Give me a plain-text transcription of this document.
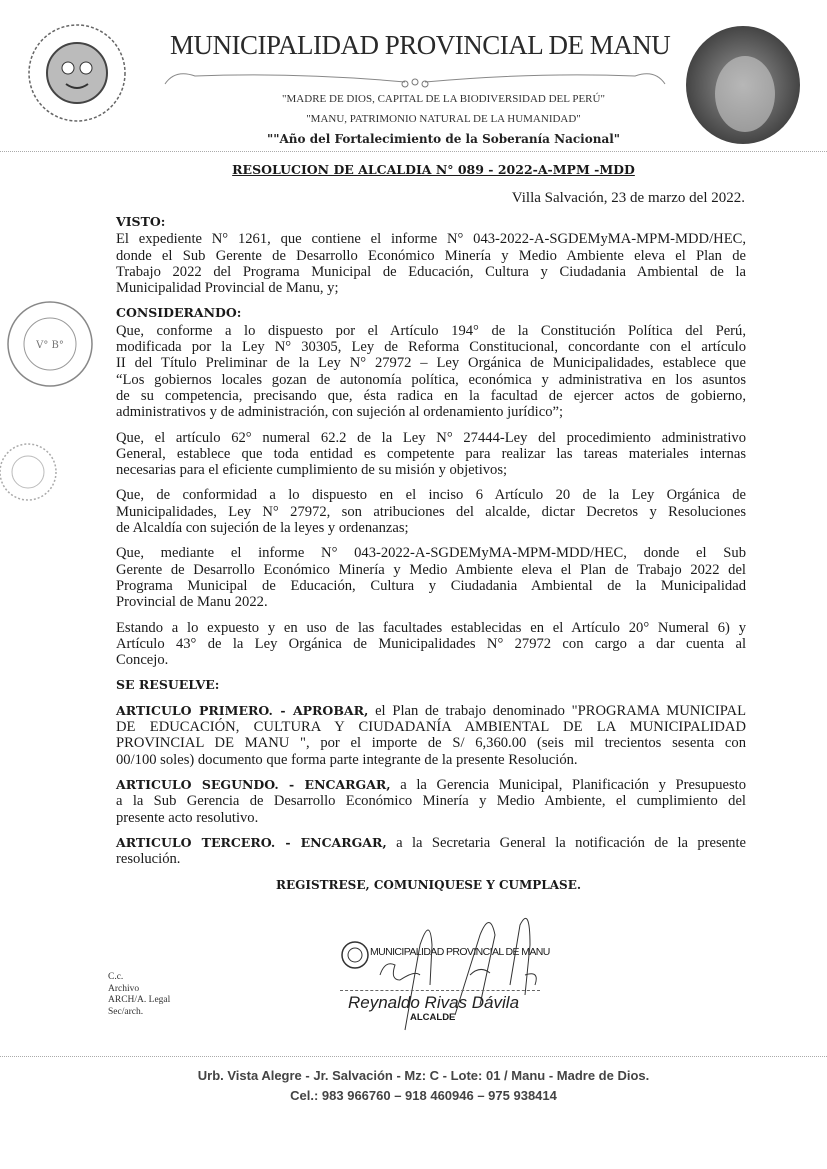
MUNICIPALIDAD PROVINCIAL DE MANU
"MADRE DE DIOS, CAPITAL DE LA BIODIVERSIDAD DEL PERÚ"
"MANU, PATRIMONIO NATURAL DE LA HUMANIDAD"
""Año del Fortalecimiento de la Soberanía Nacional"
RESOLUCION DE ALCALDIA N° 089 - 2022-A-MPM -MDD
Villa Salvación, 23 de marzo del 2022.
V° B°
VISTO:
El expediente N° 1261, que contiene el informe N° 043-2022-A-SGDEMyMA-MPM-MDD/HEC,
donde el Sub Gerente de Desarrollo Económico Minería y Medio Ambiente eleva el Plan de
Trabajo 2022 del Programa Municipal de Educación, Cultura y Ciudadania Ambiental de la
Municipalidad Provincial de Manu, y;
CONSIDERANDO:
Que, conforme a lo dispuesto por el Artículo 194° de la Constitución Política del Perú,
modificada por la Ley N° 30305, Ley de Reforma Constitucional, concordante con el artículo
II del Título Preliminar de la Ley N° 27972 – Ley Orgánica de Municipalidades, establece que
“Los gobiernos locales gozan de autonomía política, económica y administrativa en los asuntos
de su competencia, precisando que, ésta radica en la facultad de ejercer actos de gobierno,
administrativos y de administración, con sujeción al ordenamiento jurídico”;
Que, el artículo 62° numeral 62.2 de la Ley N° 27444-Ley del procedimiento administrativo
General, establece que toda entidad es competente para realizar las tareas materiales internas
necesarias para el eficiente cumplimiento de su misión y objetivos;
Que, de conformidad a lo dispuesto en el inciso 6 Artículo 20 de la Ley Orgánica de
Municipalidades, Ley N° 27972, son atribuciones del alcalde, dictar Decretos y Resoluciones
de Alcaldía con sujeción de la leyes y ordenanzas;
Que, mediante el informe N° 043-2022-A-SGDEMyMA-MPM-MDD/HEC, donde el Sub
Gerente de Desarrollo Económico Minería y Medio Ambiente eleva el Plan de Trabajo 2022 del
Programa Municipal de Educación, Cultura y Ciudadania Ambiental de la Municipalidad
Provincial de Manu 2022.
Estando a lo expuesto y en uso de las facultades establecidas en el Artículo 20° Numeral 6) y
Artículo 43° de la Ley Orgánica de Municipalidades N° 27972 con cargo a dar cuenta al
Concejo.
SE RESUELVE:
ARTICULO PRIMERO. - APROBAR, el Plan de trabajo denominado "PROGRAMA MUNICIPAL
DE EDUCACIÓN, CULTURA Y CIUDADANÍA AMBIENTAL DE LA MUNICIPALIDAD
PROVINCIAL DE MANU ", por el importe de S/ 6,360.00 (seis mil trecientos sesenta con
00/100 soles) documento que forma parte integrante de la presente Resolución.
ARTICULO SEGUNDO. - ENCARGAR, a la Gerencia Municipal, Planificación y Presupuesto
a la Sub Gerencia de Desarrollo Económico Minería y Medio Ambiente, el cumplimiento del
presente acto resolutivo.
ARTICULO TERCERO. - ENCARGAR, a la Secretaria General la notificación de la presente
resolución.
REGISTRESE, COMUNIQUESE Y CUMPLASE.
C.c.
Archivo
ARCH/A. Legal
Sec/arch.
MUNICIPALIDAD PROVINCIAL DE MANU
Reynaldo Rivas Dávila
ALCALDE
Urb. Vista Alegre - Jr. Salvación - Mz: C - Lote: 01 / Manu - Madre de Dios.
Cel.: 983 966760 – 918 460946 – 975 938414
